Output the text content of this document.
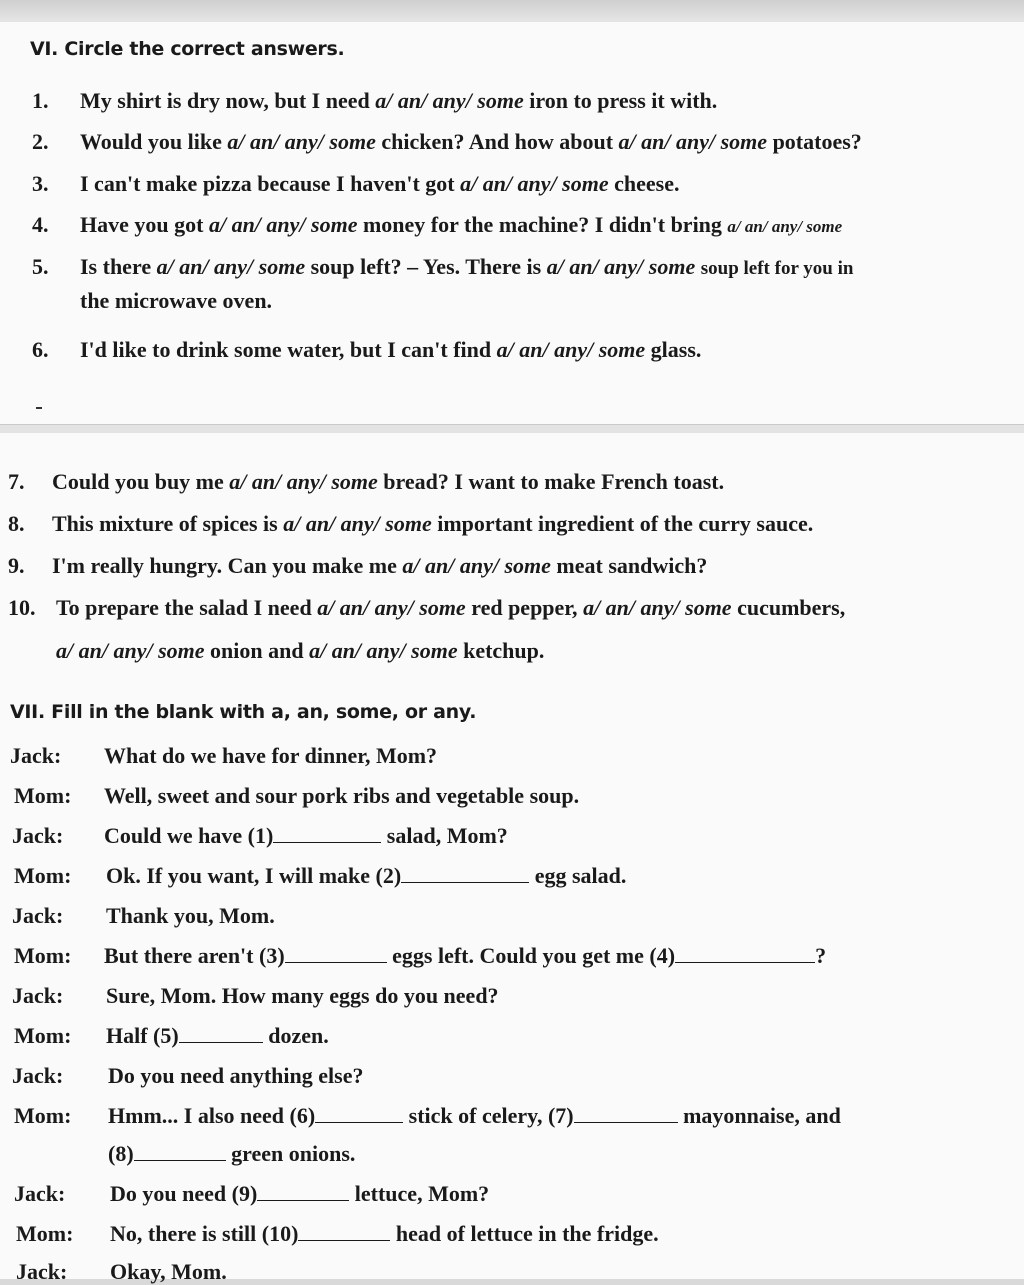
VI. Circle the correct answers.
1. My shirt is dry now, but I need a/ an/ any/ some iron to press it with.
2. Would you like a/ an/ any/ some chicken? And how about a/ an/ any/ some potatoes?
3. I can't make pizza because I haven't got a/ an/ any/ some cheese.
4. Have you got a/ an/ any/ some money for the machine? I didn't bring a/ an/ any/ some
5. Is there a/ an/ any/ some soup left? – Yes. There is a/ an/ any/ some soup left for you in
the microwave oven.
6. I'd like to drink some water, but I can't find a/ an/ any/ some glass.
7. Could you buy me a/ an/ any/ some bread? I want to make French toast.
8. This mixture of spices is a/ an/ any/ some important ingredient of the curry sauce.
9. I'm really hungry. Can you make me a/ an/ any/ some meat sandwich?
10. To prepare the salad I need a/ an/ any/ some red pepper, a/ an/ any/ some cucumbers,
a/ an/ any/ some onion and a/ an/ any/ some ketchup.
VII. Fill in the blank with a, an, some, or any.
Jack: What do we have for dinner, Mom?
Mom: Well, sweet and sour pork ribs and vegetable soup.
Jack: Could we have (1)	salad, Mom?
Mom: Ok. If you want, I will make (2)	egg salad.
Jack: Thank you, Mom.
Mom: But there aren't (3)	eggs left. Could you get me (4)	?
Jack: Sure, Mom. How many eggs do you need?
Mom: Half (5)	dozen.
Jack: Do you need anything else?
Mom: Hmm... I also need (6)	stick of celery, (7)	mayonnaise, and
(8)	green onions.
Jack: Do you need (9)	lettuce, Mom?
Mom: No, there is still (10)	head of lettuce in the fridge.
Jack: Okay, Mom.
